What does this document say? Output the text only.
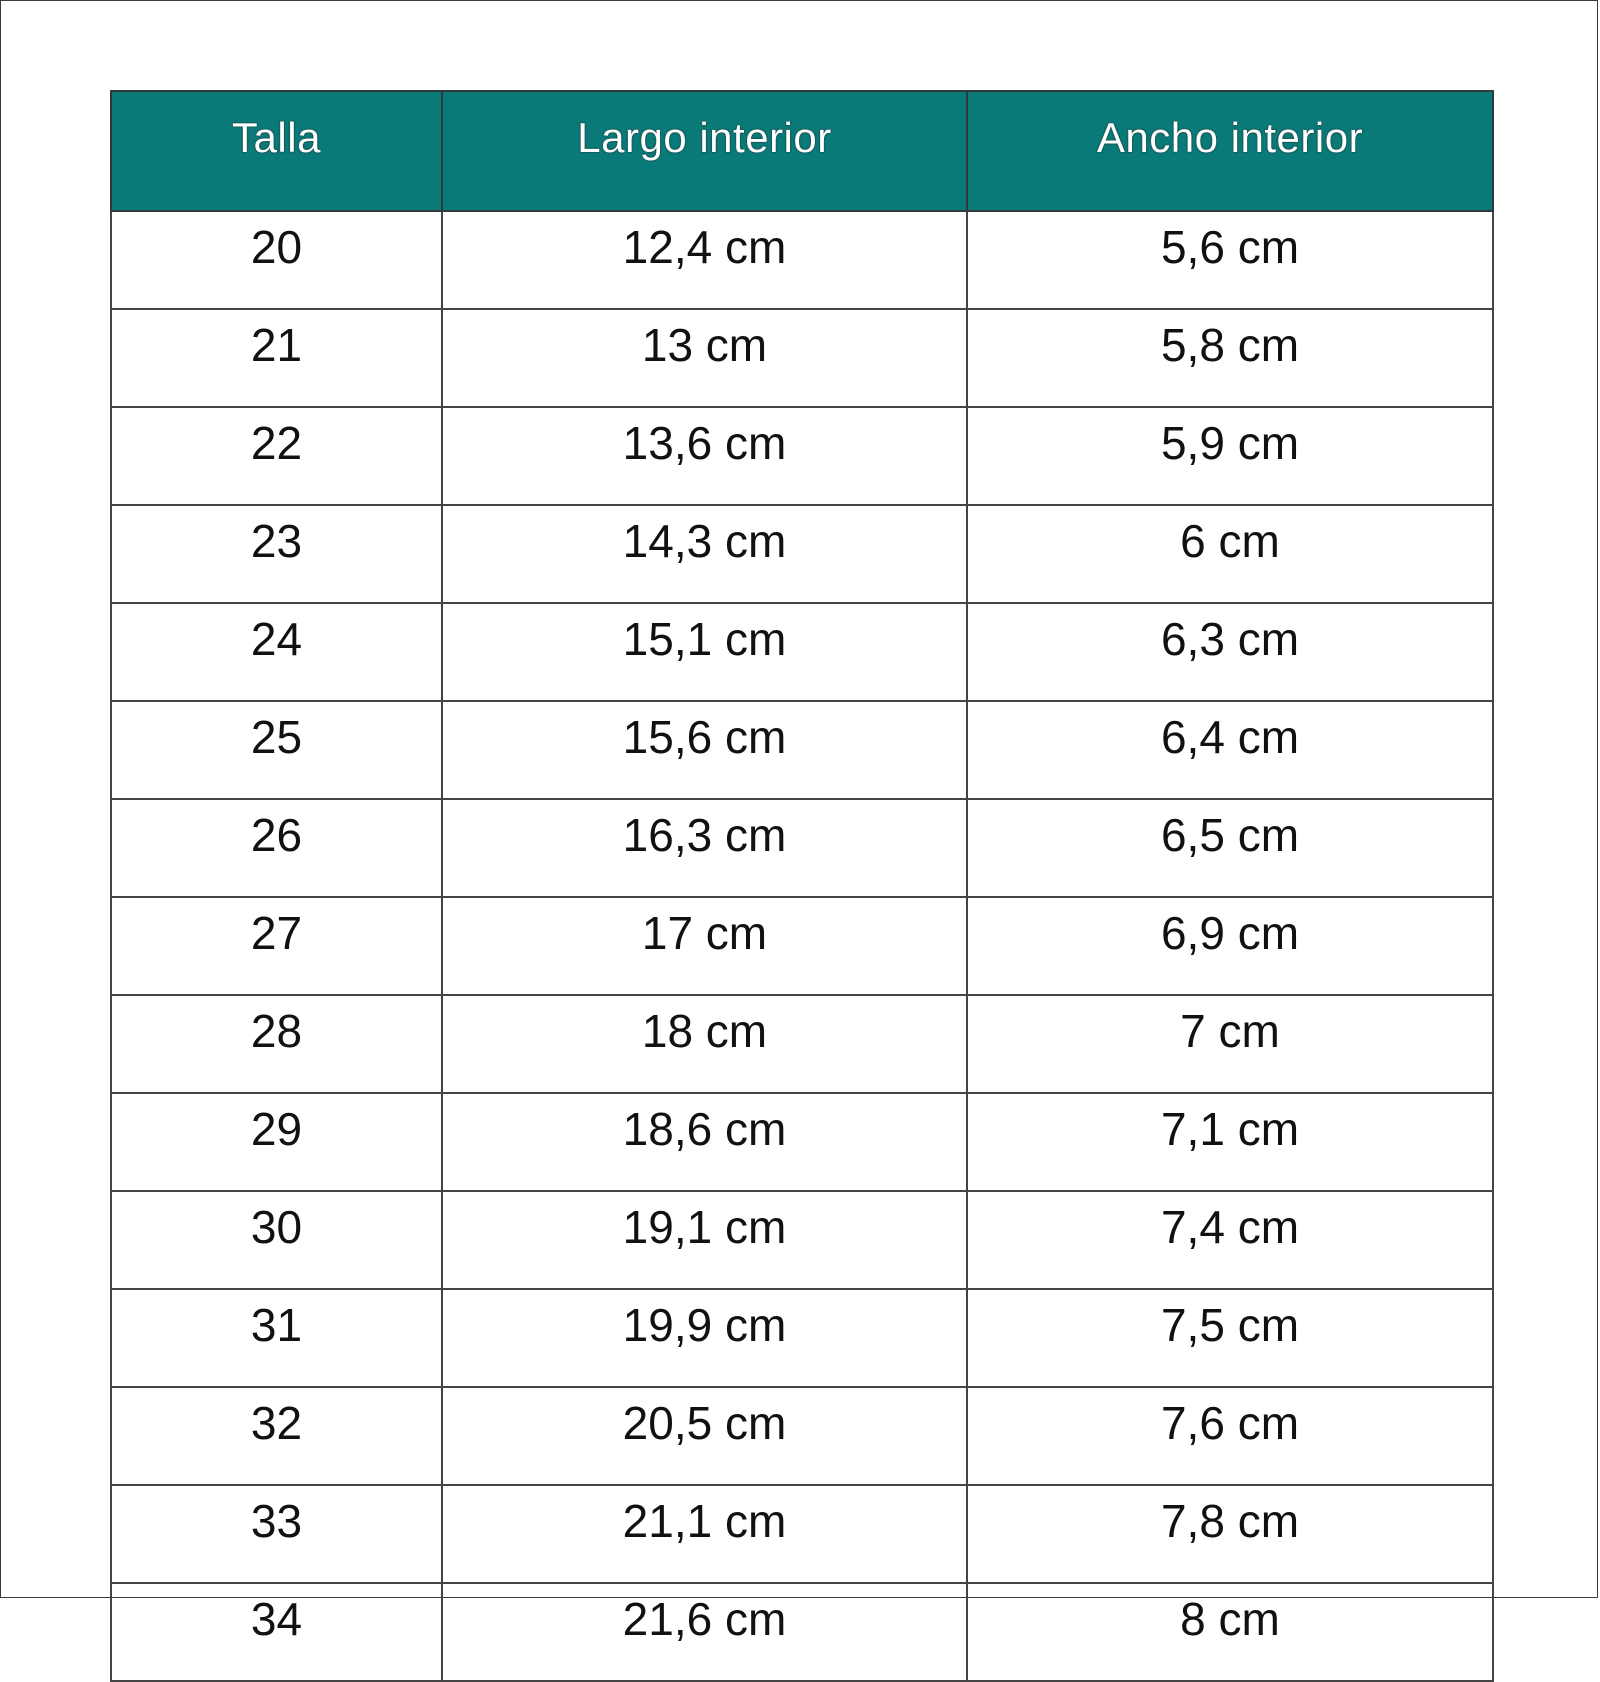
Talla	Largo interior	Ancho interior
20	12,4 cm	5,6 cm
21	13 cm	5,8 cm
22	13,6 cm	5,9 cm
23	14,3 cm	6 cm
24	15,1 cm	6,3 cm
25	15,6 cm	6,4 cm
26	16,3 cm	6,5 cm
27	17 cm	6,9 cm
28	18 cm	7 cm
29	18,6 cm	7,1 cm
30	19,1 cm	7,4 cm
31	19,9 cm	7,5 cm
32	20,5 cm	7,6 cm
33	21,1 cm	7,8 cm
34	21,6 cm	8 cm
